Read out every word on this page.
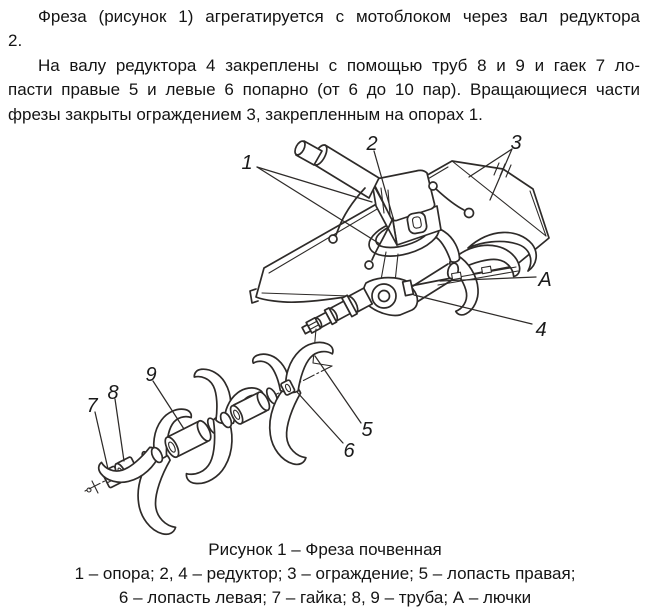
Фреза (рисунок 1) агрегатируется с мотоблоком через вал редуктора
2.
На валу редуктора 4 закреплены с помощью труб 8 и 9 и гаек 7 ло-
пасти правые 5 и левые 6 попарно (от 6 до 10 пар). Вращающиеся части
фрезы закрыты ограждением 3, закрепленным на опорах 1.
1
2	3
А
4
5
6
7
8
9
Рисунок 1 – Фреза почвенная
1 – опора; 2, 4 – редуктор; 3 – ограждение; 5 – лопасть правая;
6 – лопасть левая; 7 – гайка; 8, 9 – труба; А – лючки
